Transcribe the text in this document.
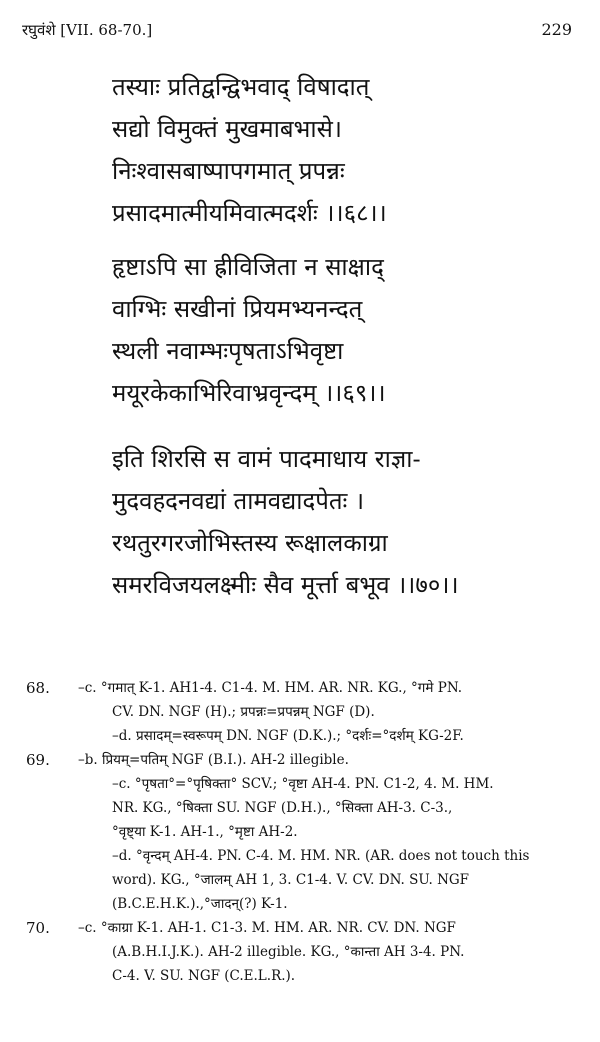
रघुवंशे [VII. 68-70.]	229
तस्याः प्रतिद्वन्द्विभवाद् विषादात्
सद्यो विमुक्तं मुखमाबभासे।
निःश्वासबाष्पापगमात् प्रपन्नः
प्रसादमात्मीयमिवात्मदर्शः ।।६८।।
हृष्टाऽपि सा ह्रीविजिता न साक्षाद्
वाग्भिः सखीनां प्रियमभ्यनन्दत्
स्थली नवाम्भःपृषताऽभिवृष्टा
मयूरकेकाभिरिवाभ्रवृन्दम् ।।६९।।
इति शिरसि स वामं पादमाधाय राज्ञा-
मुदवहदनवद्यां तामवद्यादपेतः ।
रथतुरगरजोभिस्तस्य रूक्षालकाग्रा
समरविजयलक्ष्मीः सैव मूर्त्ता बभूव ।।७०।।
68. –c. °गमात् K-1. AH1-4. C1-4. M. HM. AR. NR. KG., °गमे PN.
CV. DN. NGF (H).; प्रपन्नः=प्रपन्नम् NGF (D).
–d. प्रसादम्=स्वरूपम् DN. NGF (D.K.).; °दर्शः=°दर्शम् KG-2F.
69. –b. प्रियम्=पतिम् NGF (B.I.). AH-2 illegible.
–c. °पृषता°=°पृषिक्ता° SCV.; °वृष्टा AH-4. PN. C1-2, 4. M. HM.
NR. KG., °षिक्ता SU. NGF (D.H.)., °सिक्ता AH-3. C-3.,
°वृष्ट्या K-1. AH-1., °मृष्टा AH-2.
–d. °वृन्दम् AH-4. PN. C-4. M. HM. NR. (AR. does not touch this
word). KG., °जालम् AH 1, 3. C1-4. V. CV. DN. SU. NGF
(B.C.E.H.K.).,°जादन्(?) K-1.
70. –c. °काग्रा K-1. AH-1. C1-3. M. HM. AR. NR. CV. DN. NGF
(A.B.H.I.J.K.). AH-2 illegible. KG., °कान्ता AH 3-4. PN.
C-4. V. SU. NGF (C.E.L.R.).
